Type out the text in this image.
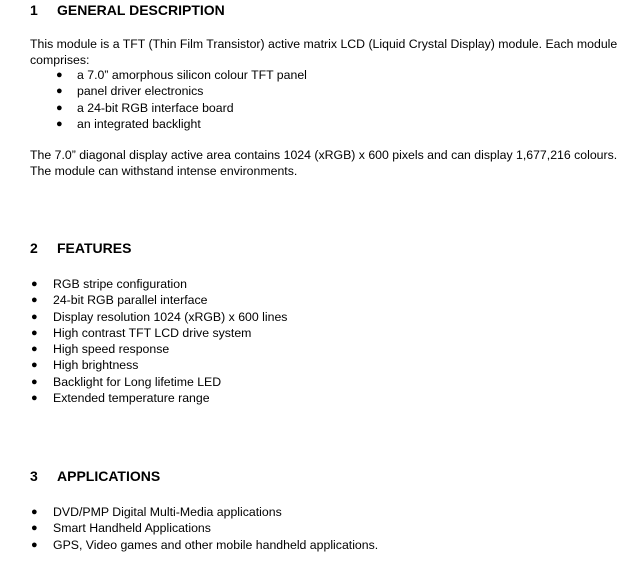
1 GENERAL DESCRIPTION

This module is a TFT (Thin Film Transistor) active matrix LCD (Liquid Crystal Display) module. Each module comprises:

● a 7.0” amorphous silicon colour TFT panel
● panel driver electronics
● a 24-bit RGB interface board
● an integrated backlight

The 7.0” diagonal display active area contains 1024 (xRGB) x 600 pixels and can display 1,677,216 colours. The module can withstand intense environments.

2 FEATURES
● RGB stripe configuration
● 24-bit RGB parallel interface
● Display resolution 1024 (xRGB) x 600 lines
● High contrast TFT LCD drive system
● High speed response
● High brightness
● Backlight for Long lifetime LED
● Extended temperature range
3 APPLICATIONS
● DVD/PMP Digital Multi-Media applications
● Smart Handheld Applications
● GPS, Video games and other mobile handheld applications.
